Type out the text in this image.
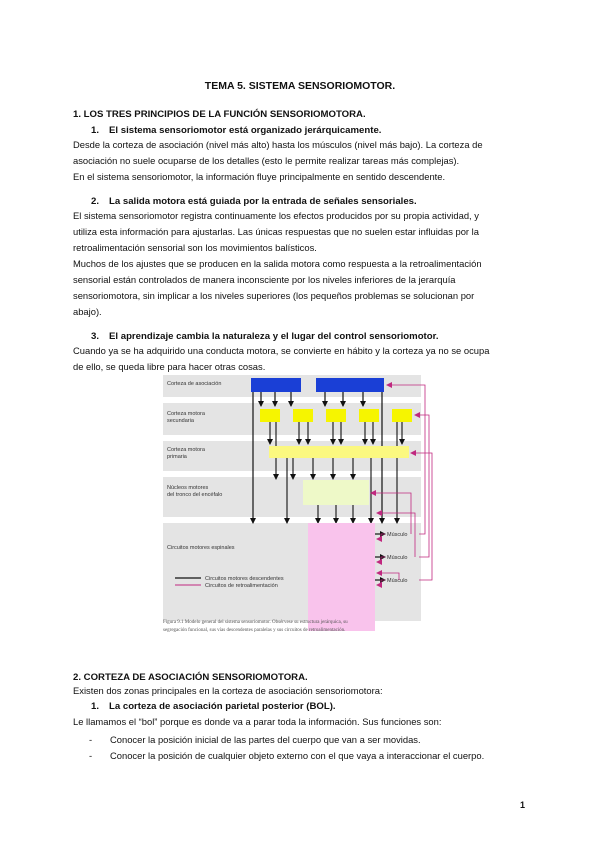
TEMA 5. SISTEMA SENSORIOMOTOR.
1. LOS TRES PRINCIPIOS DE LA FUNCIÓN SENSORIOMOTORA.
1. El sistema sensoriomotor está organizado jerárquicamente.
Desde la corteza de asociación (nivel más alto) hasta los músculos (nivel más bajo). La corteza de
asociación no suele ocuparse de los detalles (esto le permite realizar tareas más complejas).
En el sistema sensoriomotor, la información fluye principalmente en sentido descendente.
2. La salida motora está guiada por la entrada de señales sensoriales.
El sistema sensoriomotor registra continuamente los efectos producidos por su propia actividad, y
utiliza esta información para ajustarlas. Las únicas respuestas que no suelen estar influidas por la
retroalimentación sensorial son los movimientos balísticos.
Muchos de los ajustes que se producen en la salida motora como respuesta a la retroalimentación
sensorial están controlados de manera inconsciente por los niveles inferiores de la jerarquía
sensoriomotora, sin implicar a los niveles superiores (los pequeños problemas se solucionan por
abajo).
3. El aprendizaje cambia la naturaleza y el lugar del control sensoriomotor.
Cuando ya se ha adquirido una conducta motora, se convierte en hábito y la corteza ya no se ocupa
de ello, se queda libre para hacer otras cosas.
Corteza de asociación
Corteza motora
secundaria
Corteza motora
primaria
Núcleos motores
del tronco del encéfalo
Circuitos motores espinales
Músculo
Músculo
Músculo
Circuitos motores descendentes
Circuitos de retroalimentación
Figura 9.1 Modelo general del sistema sensoriomotor. Obsérvese su estructura jerárquica, su
segregación funcional, sus vías descendentes paralelas y sus circuitos de retroalimentación.
2. CORTEZA DE ASOCIACIÓN SENSORIOMOTORA.
Existen dos zonas principales en la corteza de asociación sensoriomotora:
1. La corteza de asociación parietal posterior (BOL).
Le llamamos el “bol” porque es donde va a parar toda la información. Sus funciones son:
- Conocer la posición inicial de las partes del cuerpo que van a ser movidas.
- Conocer la posición de cualquier objeto externo con el que vaya a interaccionar el cuerpo.
1
